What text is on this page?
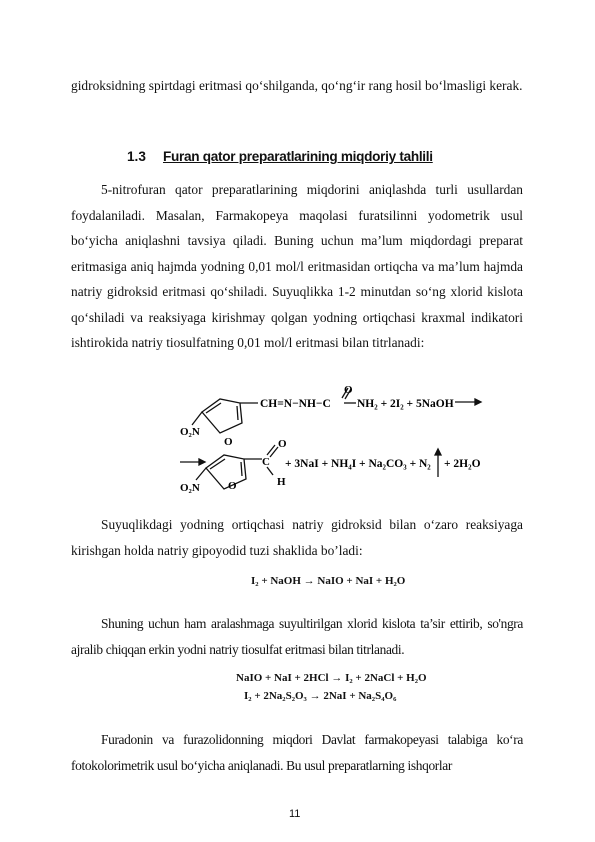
gidroksidning spirtdagi eritmasi qo‘shilganda, qo‘ng‘ir rang hosil bo‘lmasligi kerak.
1.3 Furan qator preparatlarining miqdoriy tahlili
5-nitrofuran qator preparatlarining miqdorini aniqlashda turli usullardan foydalaniladi. Masalan, Farmakopeya maqolasi furatsilinni yodometrik usul bo‘yicha aniqlashni tavsiya qiladi. Buning uchun ma’lum miqdordagi preparat eritmasiga aniq hajmda yodning 0,01 mol/l eritmasidan ortiqcha va ma’lum hajmda natriy gidroksid eritmasi qo‘shiladi. Suyuqlikka 1-2 minutdan so‘ng xlorid kislota qo‘shiladi va reaksiyaga kirishmay qolgan yodning ortiqchasi kraxmal indikatori ishtirokida natriy tiosulfatning 0,01 mol/l eritmasi bilan titrlanadi:
O₂N
O
CH=N−NH−C
O
NH₂ + 2I₂ + 5NaOH
O₂N	O
C
O
H
+ 3NaI + NH₄I + Na₂CO₃ + N₂ + 2H₂O
Suyuqlikdagi yodning ortiqchasi natriy gidroksid bilan o‘zaro reaksiyaga kirishgan holda natriy gipoyodid tuzi shaklida bo’ladi:
I₂ + NaOH → NaIO + NaI + H₂O
Shuning uchun ham aralashmaga suyultirilgan xlorid kislota ta’sir ettirib, so'ngra ajralib chiqqan erkin yodni natriy tiosulfat eritmasi bilan titrlanadi.
NaIO + NaI + 2HCl → I₂ + 2NaCl + H₂O
I₂ + 2Na₂S₂O₃ → 2NaI + Na₂S₄O₆
Furadonin va furazolidonning miqdori Davlat farmakopeyasi talabiga ko‘ra fotokolorimetrik usul bo‘yicha aniqlanadi. Bu usul preparatlarning ishqorlar
11
